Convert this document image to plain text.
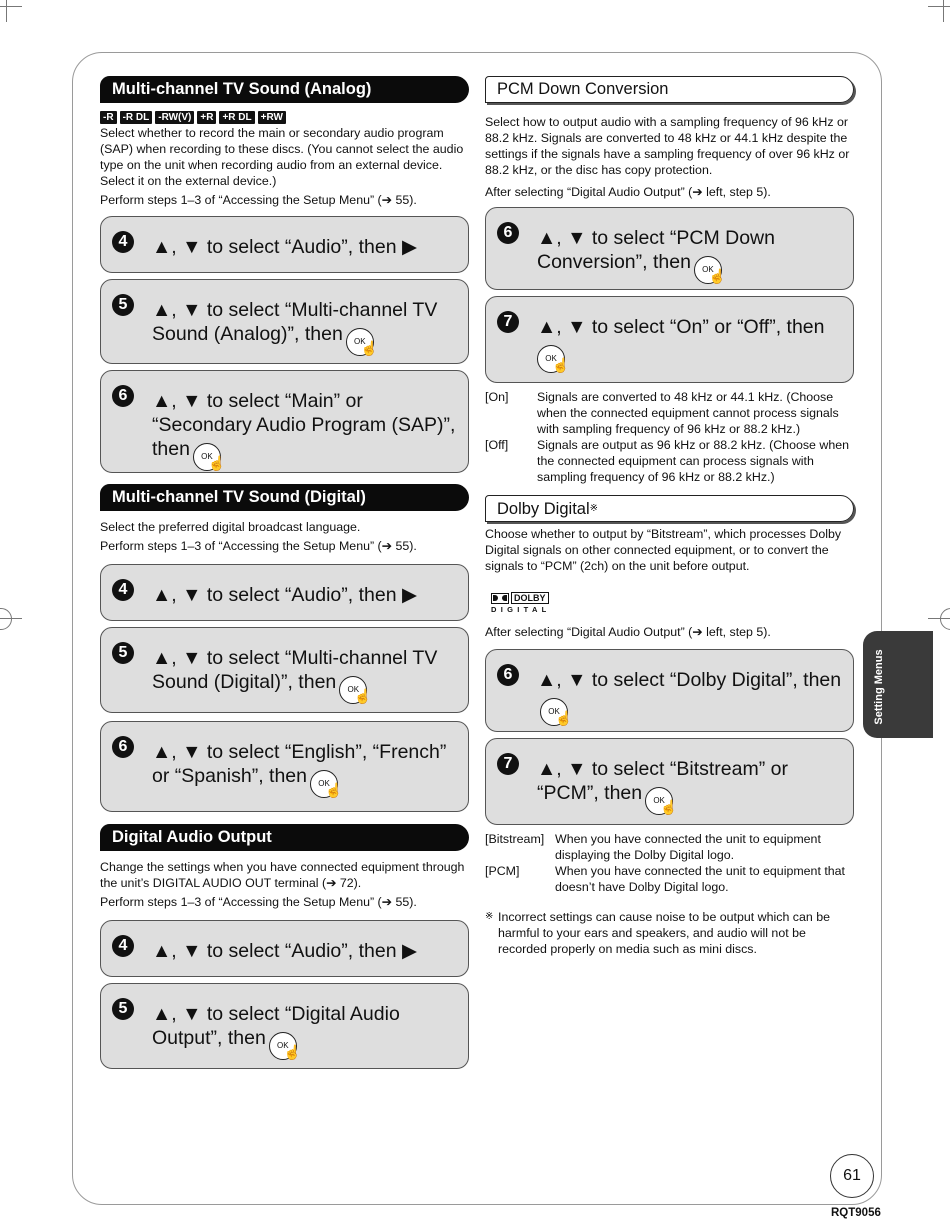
Multi-channel TV Sound (Analog)
-R -R DL -RW(V) +R +R DL +RW

Select whether to record the main or secondary audio program (SAP) when recording to these discs. (You cannot select the audio type on the unit when recording audio from an external device. Select it on the external device.)

Perform steps 1–3 of “Accessing the Setup Menu” (➔ 55).

4	▲, ▼ to select “Audio”, then ▶
5	▲, ▼ to select “Multi-channel TV Sound (Analog)”, then OK
☝
6	▲, ▼ to select “Main” or “Secondary Audio Program (SAP)”, then OK
☝
Multi-channel TV Sound (Digital)

Select the preferred digital broadcast language.

Perform steps 1–3 of “Accessing the Setup Menu” (➔ 55).

4	▲, ▼ to select “Audio”, then ▶
5	▲, ▼ to select “Multi-channel TV Sound (Digital)”, then OK
☝
6	▲, ▼ to select “English”, “French” or “Spanish”, then OK
☝
Digital Audio Output

Change the settings when you have connected equipment through the unit’s DIGITAL AUDIO OUT terminal (➔ 72).

Perform steps 1–3 of “Accessing the Setup Menu” (➔ 55).

4	▲, ▼ to select “Audio”, then ▶
5	▲, ▼ to select “Digital Audio Output”, then OK
☝
PCM Down Conversion

Select how to output audio with a sampling frequency of 96 kHz or 88.2 kHz. Signals are converted to 48 kHz or 44.1 kHz despite the settings if the signals have a sampling frequency of over 96 kHz or 88.2 kHz, or the disc has copy protection.

After selecting “Digital Audio Output” (➔ left, step 5).

6	▲, ▼ to select “PCM Down Conversion”, then OK
☝
7	▲, ▼ to select “On” or “Off”, then
OK
☝
[On]	Signals are converted to 48 kHz or 44.1 kHz. (Choose when the connected equipment cannot process signals with sampling frequency of 96 kHz or 88.2 kHz.)
[Off]	Signals are output as 96 kHz or 88.2 kHz. (Choose when the connected equipment can process signals with sampling frequency of 96 kHz or 88.2 kHz.)
Dolby Digital※

Choose whether to output by “Bitstream”, which processes Dolby Digital signals on other connected equipment, or to convert the signals to “PCM” (2ch) on the unit before output.

DOLBY
DIGITAL

After selecting “Digital Audio Output” (➔ left, step 5).

6	▲, ▼ to select “Dolby Digital”, thenOK
☝
7	▲, ▼ to select “Bitstream” or “PCM”, then OK
☝
[Bitstream] When you have connected the unit to equipment displaying the Dolby Digital logo.
[PCM]	When you have connected the unit to equipment that doesn’t have Dolby Digital logo.
※ Incorrect settings can cause noise to be output which can be harmful to your ears and speakers, and audio will not be recorded properly on media such as mini discs.
Setting Menus
61
RQT9056
